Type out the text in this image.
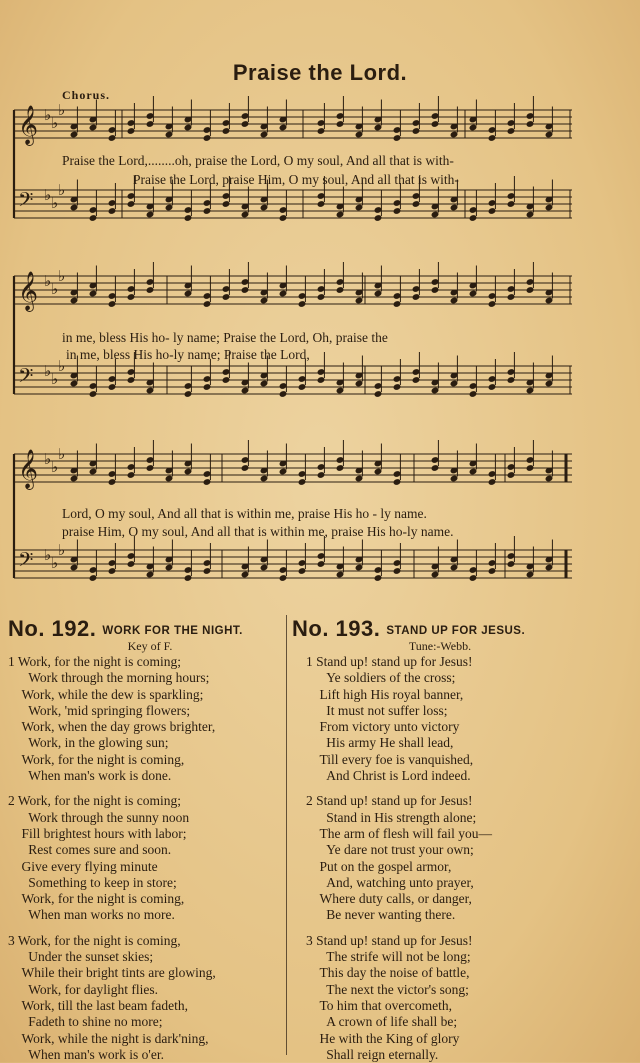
Praise the Lord.
Chorus.
𝄞 ♭ ♭
♭
𝄢 ♭ ♭
♭
Praise the Lord,........oh, praise the Lord, O my soul, And all that is with-
Praise the Lord, praise Him, O my soul, And all that is with-
𝄞 ♭ ♭
♭
𝄢 ♭ ♭
♭
in me, bless His ho- ly name; Praise the Lord, Oh, praise the
in me, bless His ho-ly name; Praise the Lord,
𝄞 ♭ ♭
♭
𝄢 ♭ ♭
♭
Lord, O my soul, And all that is within me, praise His ho - ly name.
praise Him, O my soul, And all that is within me, praise His ho-ly name.
No. 192. WORK FOR THE NIGHT.
Key of F.
1 Work, for the night is coming;
Work through the morning hours;
Work, while the dew is sparkling;
Work, 'mid springing flowers;
Work, when the day grows brighter,
Work, in the glowing sun;
Work, for the night is coming,
When man's work is done.
2 Work, for the night is coming;
Work through the sunny noon
Fill brightest hours with labor;
Rest comes sure and soon.
Give every flying minute
Something to keep in store;
Work, for the night is coming,
When man works no more.
3 Work, for the night is coming,
Under the sunset skies;
While their bright tints are glowing,
Work, for daylight flies.
Work, till the last beam fadeth,
Fadeth to shine no more;
Work, while the night is dark'ning,
When man's work is o'er.
No. 193. STAND UP FOR JESUS.
Tune:-Webb.
1 Stand up! stand up for Jesus!
Ye soldiers of the cross;
Lift high His royal banner,
It must not suffer loss;
From victory unto victory
His army He shall lead,
Till every foe is vanquished,
And Christ is Lord indeed.
2 Stand up! stand up for Jesus!
Stand in His strength alone;
The arm of flesh will fail you—
Ye dare not trust your own;
Put on the gospel armor,
And, watching unto prayer,
Where duty calls, or danger,
Be never wanting there.
3 Stand up! stand up for Jesus!
The strife will not be long;
This day the noise of battle,
The next the victor's song;
To him that overcometh,
A crown of life shall be;
He with the King of glory
Shall reign eternally.
